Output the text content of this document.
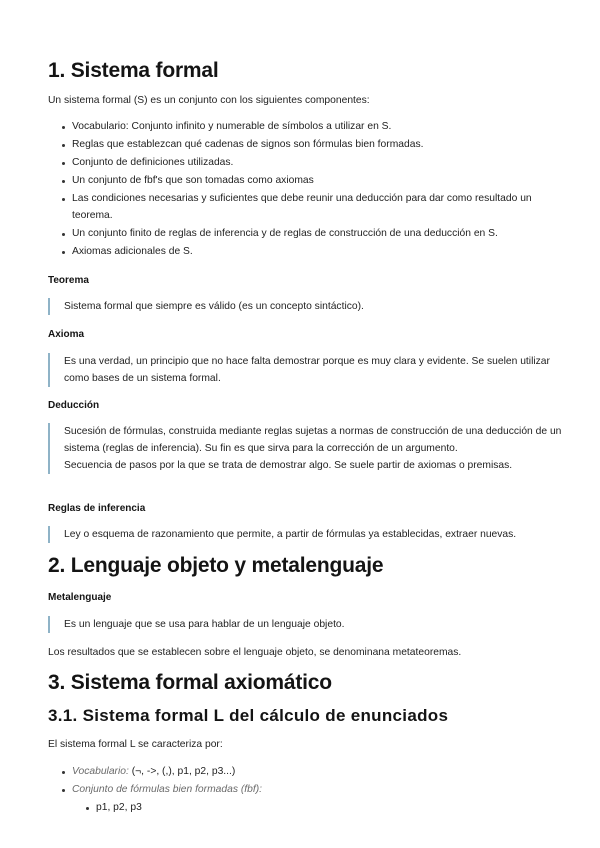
1. Sistema formal

Un sistema formal (S) es un conjunto con los siguientes componentes:

Vocabulario: Conjunto infinito y numerable de símbolos a utilizar en S.
Reglas que establezcan qué cadenas de signos son fórmulas bien formadas.
Conjunto de definiciones utilizadas.
Un conjunto de fbf's que son tomadas como axiomas
Las condiciones necesarias y suficientes que debe reunir una deducción para dar como resultado un teorema.
Un conjunto finito de reglas de inferencia y de reglas de construcción de una deducción en S.
Axiomas adicionales de S.
Teorema
Sistema formal que siempre es válido (es un concepto sintáctico).
Axioma
Es una verdad, un principio que no hace falta demostrar porque es muy clara y evidente. Se suelen utilizar como bases de un sistema formal.
Deducción
Sucesión de fórmulas, construida mediante reglas sujetas a normas de construcción de una deducción de un sistema (reglas de inferencia). Su fin es que sirva para la corrección de un argumento.
Secuencia de pasos por la que se trata de demostrar algo. Se suele partir de axiomas o premisas.
Reglas de inferencia
Ley o esquema de razonamiento que permite, a partir de fórmulas ya establecidas, extraer nuevas.
2. Lenguaje objeto y metalenguaje
Metalenguaje
Es un lenguaje que se usa para hablar de un lenguaje objeto.

Los resultados que se establecen sobre el lenguaje objeto, se denominana metateoremas.

3. Sistema formal axiomático
3.1. Sistema formal L del cálculo de enunciados

El sistema formal L se caracteriza por:

Vocabulario: (¬, ->, (,), p1, p2, p3...)
Conjunto de fórmulas bien formadas (fbf):
p1, p2, p3
